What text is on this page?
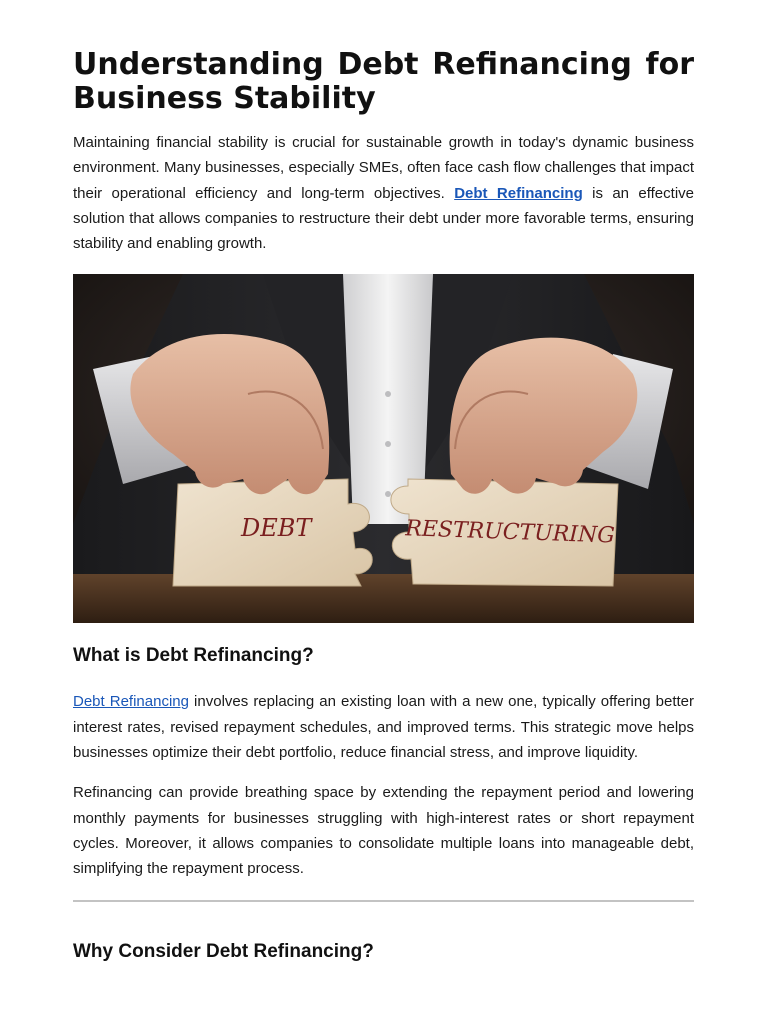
Understanding Debt Refinancing for Business Stability

Maintaining financial stability is crucial for sustainable growth in today's dynamic business environment. Many businesses, especially SMEs, often face cash flow challenges that impact their operational efficiency and long-term objectives. Debt Refinancing is an effective solution that allows companies to restructure their debt under more favorable terms, ensuring stability and enabling growth.

DEBT	RESTRUCTURING
What is Debt Refinancing?

Debt Refinancing involves replacing an existing loan with a new one, typically offering better interest rates, revised repayment schedules, and improved terms. This strategic move helps businesses optimize their debt portfolio, reduce financial stress, and improve liquidity.

Refinancing can provide breathing space by extending the repayment period and lowering monthly payments for businesses struggling with high-interest rates or short repayment cycles. Moreover, it allows companies to consolidate multiple loans into manageable debt, simplifying the repayment process.

Why Consider Debt Refinancing?
